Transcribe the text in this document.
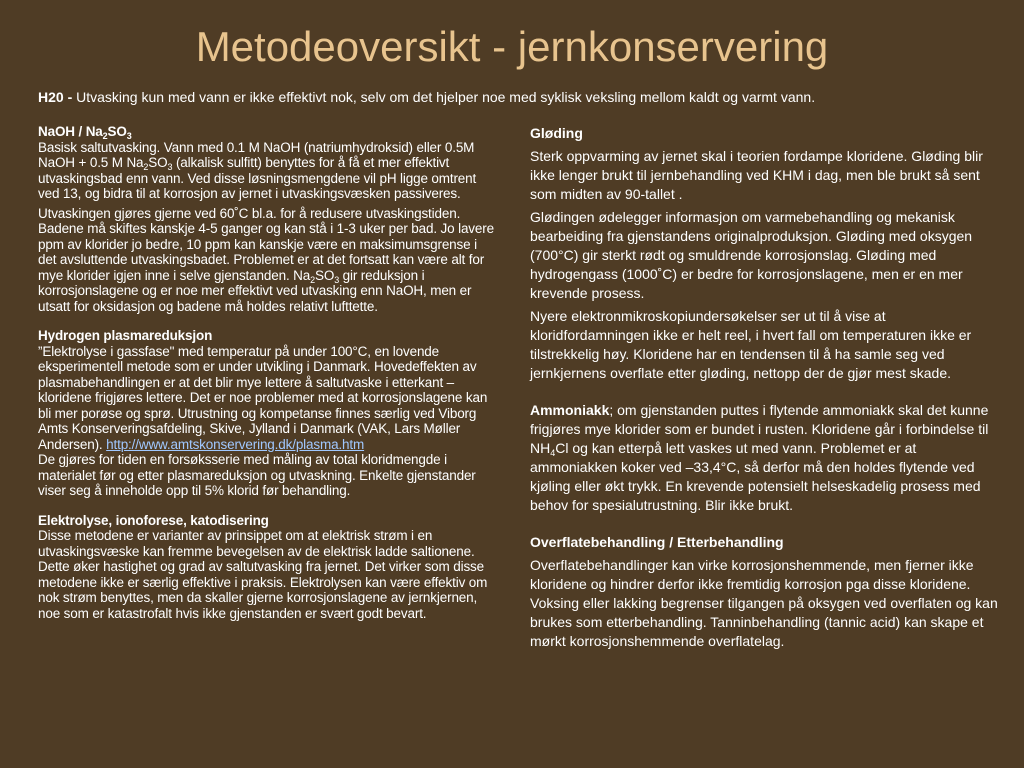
Metodeoversikt - jernkonservering

H20 - Utvasking kun med vann er ikke effektivt nok, selv om det hjelper noe med syklisk veksling mellom kaldt og varmt vann.

NaOH / $Na_2SO_3$

Basisk saltutvasking. Vann med 0.1 M NaOH (natriumhydroksid) eller 0.5M NaOH + 0.5 M $Na_2SO_3$ (alkalisk sulfitt) benyttes for å få et mer effektivt utvaskingsbad enn vann. Ved disse løsningsmengdene vil pH ligge omtrent ved 13, og bidra til at korrosjon av jernet i utvaskingsvæsken passiveres.

Utvaskingen gjøres gjerne ved 60˚C bl.a. for å redusere utvaskingstiden. Badene må skiftes kanskje 4-5 ganger og kan stå i 1-3 uker per bad. Jo lavere ppm av klorider jo bedre, 10 ppm kan kanskje være en maksimumsgrense i det avsluttende utvaskingsbadet. Problemet er at det fortsatt kan være alt for mye klorider igjen inne i selve gjenstanden. $Na_2SO_3$ gir reduksjon i korrosjonslagene og er noe mer effektivt ved utvasking enn NaOH, men er utsatt for oksidasjon og badene må holdes relativt lufttette.

Hydrogen plasmareduksjon

”Elektrolyse i gassfase" med temperatur på under 100°C, en lovende eksperimentell metode som er under utvikling i Danmark. Hovedeffekten av plasmabehandlingen er at det blir mye lettere å saltutvaske i etterkant – kloridene frigjøres lettere. Det er noe problemer med at korrosjonslagene kan bli mer porøse og sprø. Utrustning og kompetanse finnes særlig ved Viborg Amts Konserveringsafdeling, Skive, Jylland i Danmark (VAK, Lars Møller Andersen). http://www.amtskonservering.dk/plasma.htm

De gjøres for tiden en forsøksserie med måling av total kloridmengde i materialet før og etter plasmareduksjon og utvaskning. Enkelte gjenstander viser seg å inneholde opp til 5% klorid før behandling.

Elektrolyse, ionoforese, katodisering

Disse metodene er varianter av prinsippet om at elektrisk strøm i en utvaskingsvæske kan fremme bevegelsen av de elektrisk ladde saltionene. Dette øker hastighet og grad av saltutvasking fra jernet. Det virker som disse metodene ikke er særlig effektive i praksis. Elektrolysen kan være effektiv om nok strøm benyttes, men da skaller gjerne korrosjonslagene av jernkjernen, noe som er katastrofalt hvis ikke gjenstanden er svært godt bevart.

Gløding

Sterk oppvarming av jernet skal i teorien fordampe kloridene. Gløding blir ikke lenger brukt til jernbehandling ved KHM i dag, men ble brukt så sent som midten av 90-tallet .

Glødingen ødelegger informasjon om varmebehandling og mekanisk bearbeiding fra gjenstandens originalproduksjon. Gløding med oksygen (700°C) gir sterkt rødt og smuldrende korrosjonslag. Gløding med hydrogengass (1000˚C) er bedre for korrosjonslagene, men er en mer krevende prosess.

Nyere elektronmikroskopiundersøkelser ser ut til å vise at kloridfordamningen ikke er helt reel, i hvert fall om temperaturen ikke er tilstrekkelig høy. Kloridene har en tendensen til å ha samle seg ved jernkjernens overflate etter gløding, nettopp der de gjør mest skade.

Ammoniakk; om gjenstanden puttes i flytende ammoniakk skal det kunne frigjøres mye klorider som er bundet i rusten. Kloridene går i forbindelse til $NH_4Cl$ og kan etterpå lett vaskes ut med vann. Problemet er at ammoniakken koker ved –33,4°C, så derfor må den holdes flytende ved kjøling eller økt trykk. En krevende potensielt helseskadelig prosess med behov for spesialutrustning. Blir ikke brukt.

Overflatebehandling / Etterbehandling

Overflatebehandlinger kan virke korrosjonshemmende, men fjerner ikke kloridene og hindrer derfor ikke fremtidig korrosjon pga disse kloridene. Voksing eller lakking begrenser tilgangen på oksygen ved overflaten og kan brukes som etterbehandling. Tanninbehandling (tannic acid) kan skape et mørkt korrosjonshemmende overflatelag.
